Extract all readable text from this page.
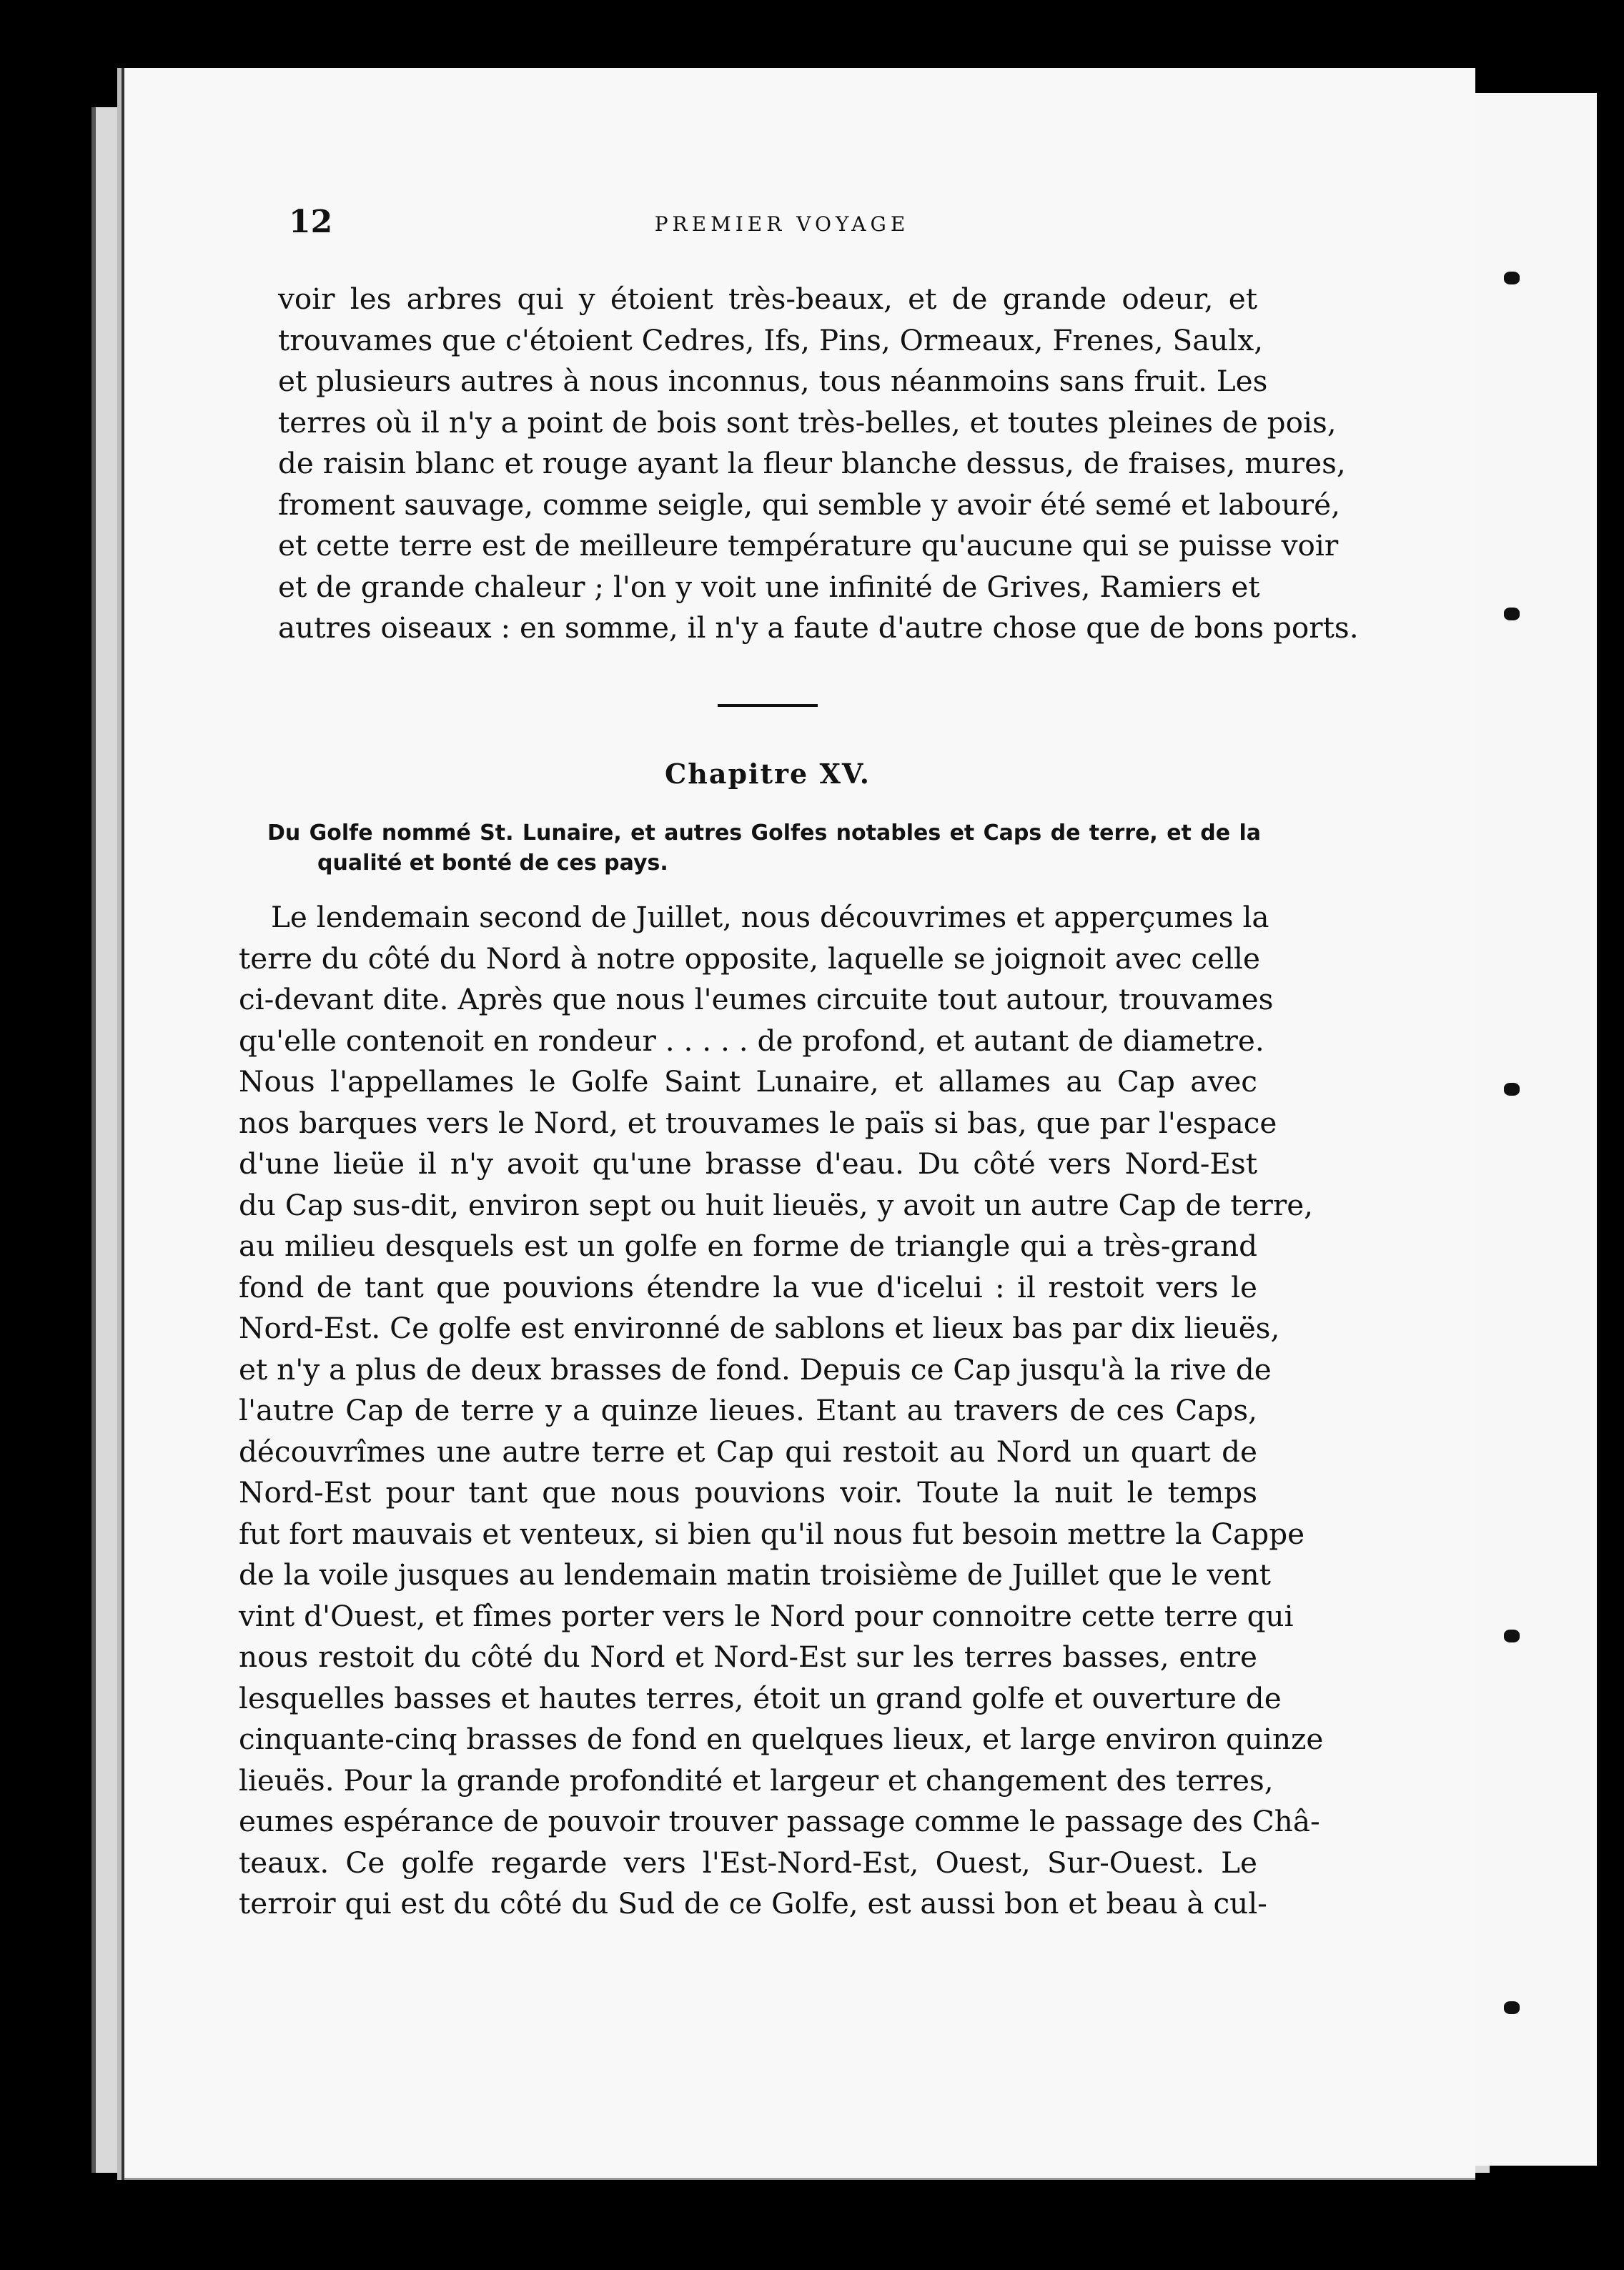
12	PREMIER VOYAGE
voir les arbres qui y étoient très-beaux, et de grande odeur, et
trouvames que c'étoient Cedres, Ifs, Pins, Ormeaux, Frenes, Saulx,
et plusieurs autres à nous inconnus, tous néanmoins sans fruit. Les
terres où il n'y a point de bois sont très-belles, et toutes pleines de pois,
de raisin blanc et rouge ayant la fleur blanche dessus, de fraises, mures,
froment sauvage, comme seigle, qui semble y avoir été semé et labouré,
et cette terre est de meilleure température qu'aucune qui se puisse voir
et de grande chaleur ; l'on y voit une infinité de Grives, Ramiers et
autres oiseaux : en somme, il n'y a faute d'autre chose que de bons ports.
Chapitre XV.
Du Golfe nommé St. Lunaire, et autres Golfes notables et Caps de terre, et de la
qualité et bonté de ces pays.
Le lendemain second de Juillet, nous découvrimes et apperçumes la
terre du côté du Nord à notre opposite, laquelle se joignoit avec celle
ci-devant dite. Après que nous l'eumes circuite tout autour, trouvames
qu'elle contenoit en rondeur . . . . . de profond, et autant de diametre.
Nous l'appellames le Golfe Saint Lunaire, et allames au Cap avec
nos barques vers le Nord, et trouvames le païs si bas, que par l'espace
d'une lieüe il n'y avoit qu'une brasse d'eau. Du côté vers Nord-Est
du Cap sus-dit, environ sept ou huit lieuës, y avoit un autre Cap de terre,
au milieu desquels est un golfe en forme de triangle qui a très-grand
fond de tant que pouvions étendre la vue d'icelui : il restoit vers le
Nord-Est. Ce golfe est environné de sablons et lieux bas par dix lieuës,
et n'y a plus de deux brasses de fond. Depuis ce Cap jusqu'à la rive de
l'autre Cap de terre y a quinze lieues. Etant au travers de ces Caps,
découvrîmes une autre terre et Cap qui restoit au Nord un quart de
Nord-Est pour tant que nous pouvions voir. Toute la nuit le temps
fut fort mauvais et venteux, si bien qu'il nous fut besoin mettre la Cappe
de la voile jusques au lendemain matin troisième de Juillet que le vent
vint d'Ouest, et fîmes porter vers le Nord pour connoitre cette terre qui
nous restoit du côté du Nord et Nord-Est sur les terres basses, entre
lesquelles basses et hautes terres, étoit un grand golfe et ouverture de
cinquante-cinq brasses de fond en quelques lieux, et large environ quinze
lieuës. Pour la grande profondité et largeur et changement des terres,
eumes espérance de pouvoir trouver passage comme le passage des Châ-
teaux. Ce golfe regarde vers l'Est-Nord-Est, Ouest, Sur-Ouest. Le
terroir qui est du côté du Sud de ce Golfe, est aussi bon et beau à cul-
